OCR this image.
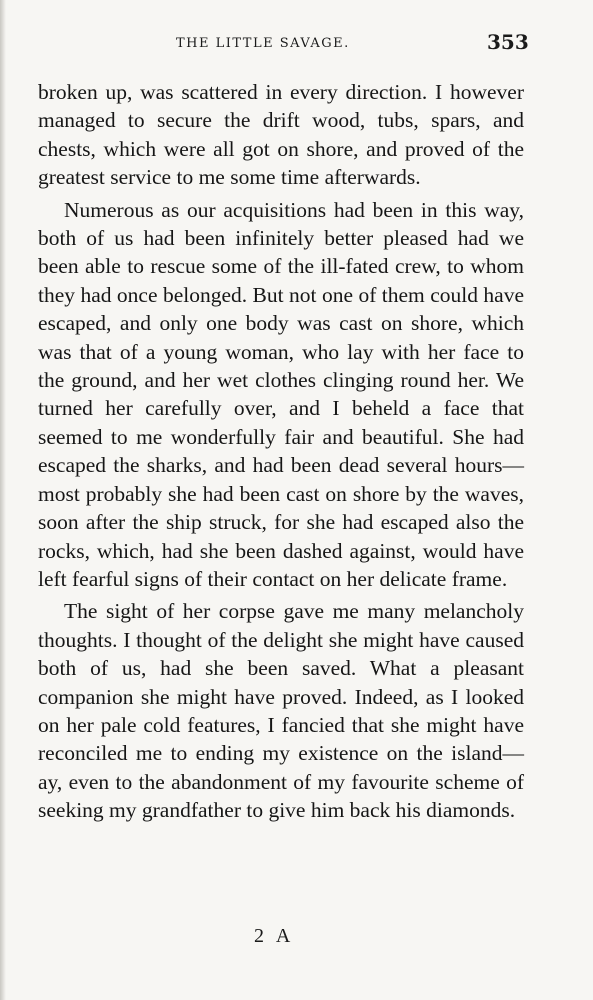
THE LITTLE SAVAGE.	353

broken up, was scattered in every direction. I however managed to secure the drift wood, tubs, spars, and chests, which were all got on shore, and proved of the greatest service to me some time afterwards.

Numerous as our acquisitions had been in this way, both of us had been infinitely better pleased had we been able to rescue some of the ill-fated crew, to whom they had once belonged. But not one of them could have escaped, and only one body was cast on shore, which was that of a young woman, who lay with her face to the ground, and her wet clothes clinging round her. We turned her carefully over, and I beheld a face that seemed to me wonderfully fair and beautiful. She had escaped the sharks, and had been dead several hours—most probably she had been cast on shore by the waves, soon after the ship struck, for she had escaped also the rocks, which, had she been dashed against, would have left fearful signs of their contact on her delicate frame.

The sight of her corpse gave me many melancholy thoughts. I thought of the delight she might have caused both of us, had she been saved. What a pleasant companion she might have proved. Indeed, as I looked on her pale cold features, I fancied that she might have reconciled me to ending my existence on the island—ay, even to the abandonment of my favourite scheme of seeking my grandfather to give him back his diamonds.

2 A
